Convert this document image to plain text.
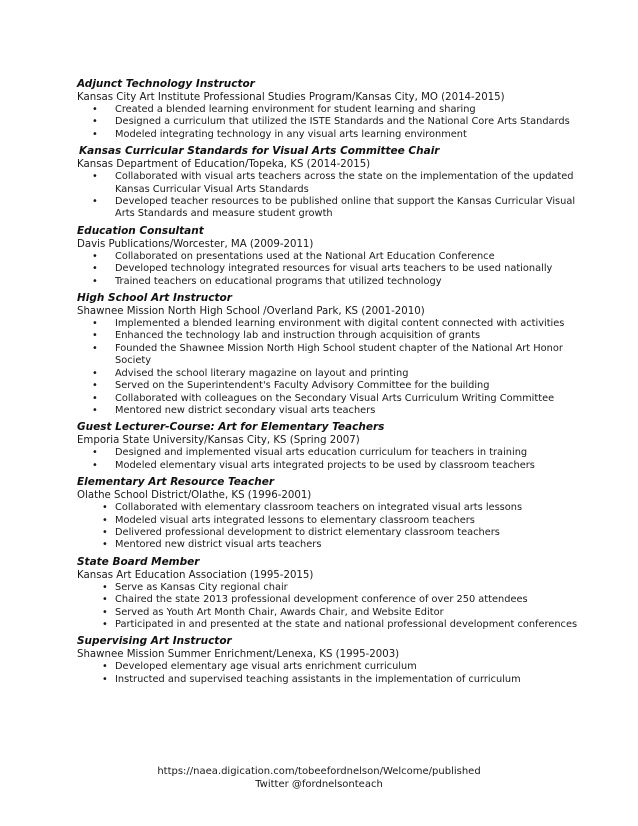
Adjunct Technology Instructor
Kansas City Art Institute Professional Studies Program/Kansas City, MO (2014-2015)
• Created a blended learning environment for student learning and sharing
• Designed a curriculum that utilized the ISTE Standards and the National Core Arts Standards
• Modeled integrating technology in any visual arts learning environment
Kansas Curricular Standards for Visual Arts Committee Chair
Kansas Department of Education/Topeka, KS (2014-2015)
• Collaborated with visual arts teachers across the state on the implementation of the updated
Kansas Curricular Visual Arts Standards
• Developed teacher resources to be published online that support the Kansas Curricular Visual
Arts Standards and measure student growth
Education Consultant
Davis Publications/Worcester, MA (2009-2011)
• Collaborated on presentations used at the National Art Education Conference
• Developed technology integrated resources for visual arts teachers to be used nationally
• Trained teachers on educational programs that utilized technology
High School Art Instructor
Shawnee Mission North High School /Overland Park, KS (2001-2010)
• Implemented a blended learning environment with digital content connected with activities
• Enhanced the technology lab and instruction through acquisition of grants
• Founded the Shawnee Mission North High School student chapter of the National Art Honor
Society
• Advised the school literary magazine on layout and printing
• Served on the Superintendent's Faculty Advisory Committee for the building
• Collaborated with colleagues on the Secondary Visual Arts Curriculum Writing Committee
• Mentored new district secondary visual arts teachers
Guest Lecturer-Course: Art for Elementary Teachers
Emporia State University/Kansas City, KS (Spring 2007)
• Designed and implemented visual arts education curriculum for teachers in training
• Modeled elementary visual arts integrated projects to be used by classroom teachers
Elementary Art Resource Teacher
Olathe School District/Olathe, KS (1996-2001)
• Collaborated with elementary classroom teachers on integrated visual arts lessons
• Modeled visual arts integrated lessons to elementary classroom teachers
• Delivered professional development to district elementary classroom teachers
• Mentored new district visual arts teachers
State Board Member
Kansas Art Education Association (1995-2015)
• Serve as Kansas City regional chair
• Chaired the state 2013 professional development conference of over 250 attendees
• Served as Youth Art Month Chair, Awards Chair, and Website Editor
• Participated in and presented at the state and national professional development conferences
Supervising Art Instructor
Shawnee Mission Summer Enrichment/Lenexa, KS (1995-2003)
• Developed elementary age visual arts enrichment curriculum
• Instructed and supervised teaching assistants in the implementation of curriculum
https://naea.digication.com/tobeefordnelson/Welcome/published
Twitter @fordnelsonteach
